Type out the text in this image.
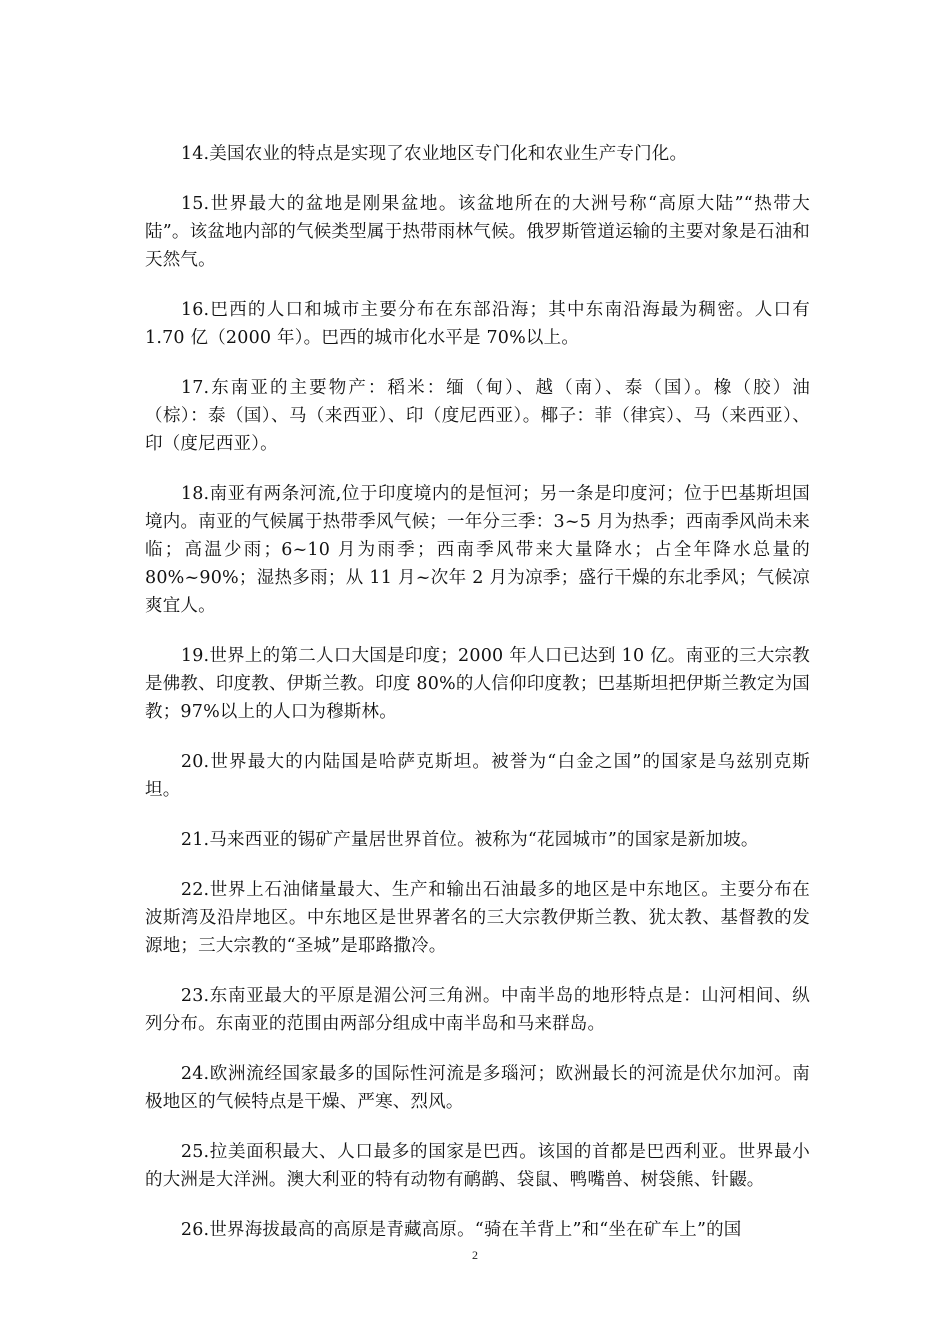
14.美国农业的特点是实现了农业地区专门化和农业生产专门化。

15.世界最大的盆地是刚果盆地。该盆地所在的大洲号称“高原大陆”“热带大陆”。该盆地内部的气候类型属于热带雨林气候。俄罗斯管道运输的主要对象是石油和天然气。

16.巴西的人口和城市主要分布在东部沿海；其中东南沿海最为稠密。人口有 1.70 亿（2000 年）。巴西的城市化水平是 70%以上。

17.东南亚的主要物产：稻米：缅（甸）、越（南）、泰（国）。橡（胶）油（棕）：泰（国）、马（来西亚）、印（度尼西亚）。椰子：菲（律宾）、马（来西亚）、印（度尼西亚）。

18.南亚有两条河流,位于印度境内的是恒河；另一条是印度河；位于巴基斯坦国境内。南亚的气候属于热带季风气候；一年分三季：3~5 月为热季；西南季风尚未来临；高温少雨；6~10 月为雨季；西南季风带来大量降水；占全年降水总量的 80%~90%；湿热多雨；从 11 月~次年 2 月为凉季；盛行干燥的东北季风；气候凉爽宜人。

19.世界上的第二人口大国是印度；2000 年人口已达到 10 亿。南亚的三大宗教是佛教、印度教、伊斯兰教。印度 80%的人信仰印度教；巴基斯坦把伊斯兰教定为国教；97%以上的人口为穆斯林。

20.世界最大的内陆国是哈萨克斯坦。被誉为“白金之国”的国家是乌兹别克斯坦。

21.马来西亚的锡矿产量居世界首位。被称为“花园城市”的国家是新加坡。

22.世界上石油储量最大、生产和输出石油最多的地区是中东地区。主要分布在波斯湾及沿岸地区。中东地区是世界著名的三大宗教伊斯兰教、犹太教、基督教的发源地；三大宗教的“圣城”是耶路撒冷。

23.东南亚最大的平原是湄公河三角洲。中南半岛的地形特点是：山河相间、纵列分布。东南亚的范围由两部分组成中南半岛和马来群岛。

24.欧洲流经国家最多的国际性河流是多瑙河；欧洲最长的河流是伏尔加河。南极地区的气候特点是干燥、严寒、烈风。

25.拉美面积最大、人口最多的国家是巴西。该国的首都是巴西利亚。世界最小的大洲是大洋洲。澳大利亚的特有动物有鸸鹋、袋鼠、鸭嘴兽、树袋熊、针鼹。

26.世界海拔最高的高原是青藏高原。“骑在羊背上”和“坐在矿车上”的国

2
